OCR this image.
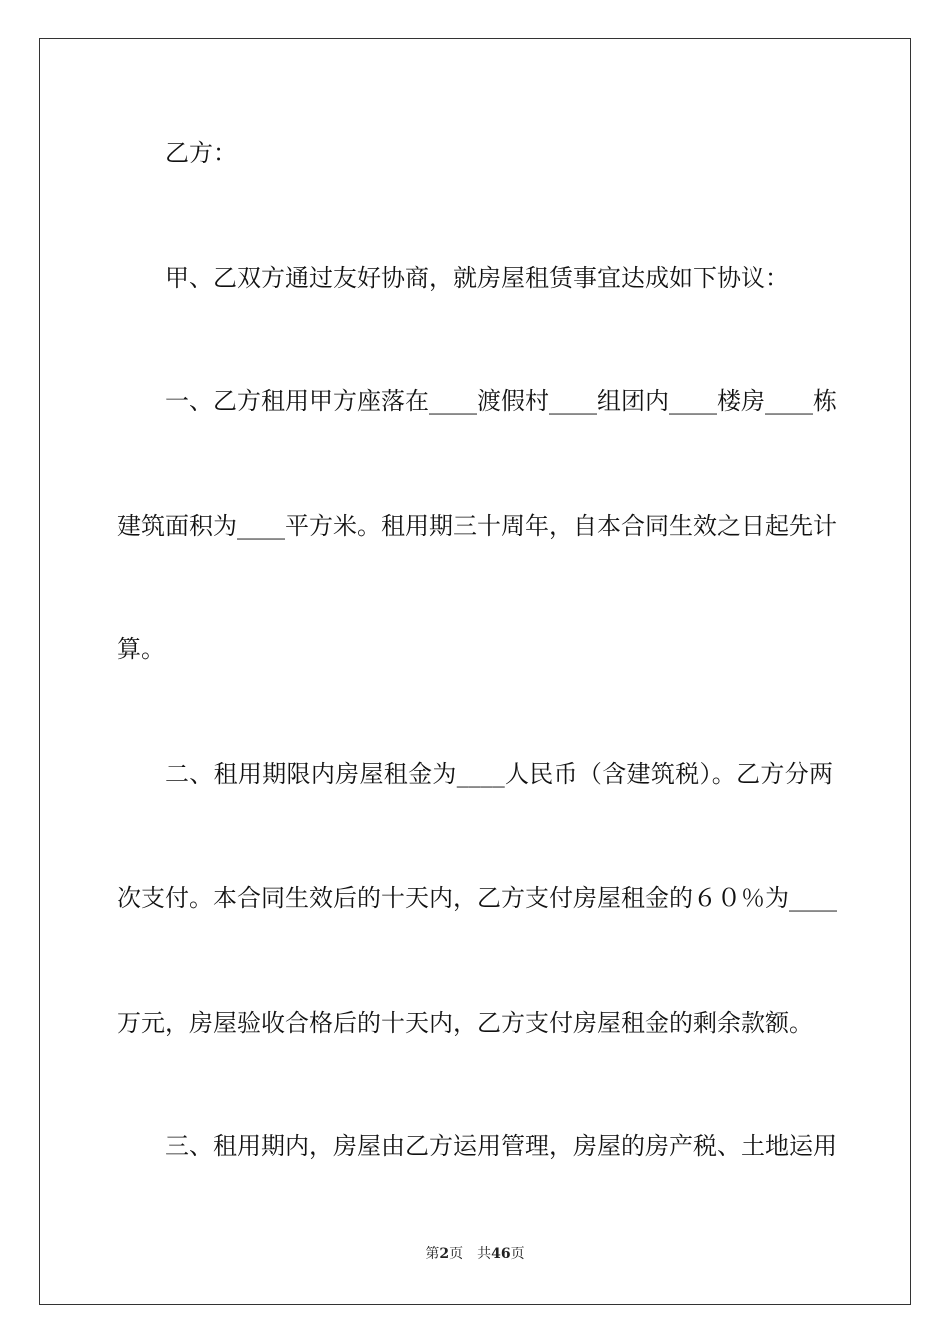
乙方：
甲、乙双方通过友好协商，就房屋租赁事宜达成如下协议：
一、乙方租用甲方座落在____渡假村____组团内____楼房____栋
建筑面积为____平方米。租用期三十周年，自本合同生效之日起先计
算。
二、租用期限内房屋租金为____人民币（含建筑税）。乙方分两
次支付。本合同生效后的十天内，乙方支付房屋租金的６０％为____
万元，房屋验收合格后的十天内，乙方支付房屋租金的剩余款额。
三、租用期内，房屋由乙方运用管理，房屋的房产税、土地运用
第2页 共46页
